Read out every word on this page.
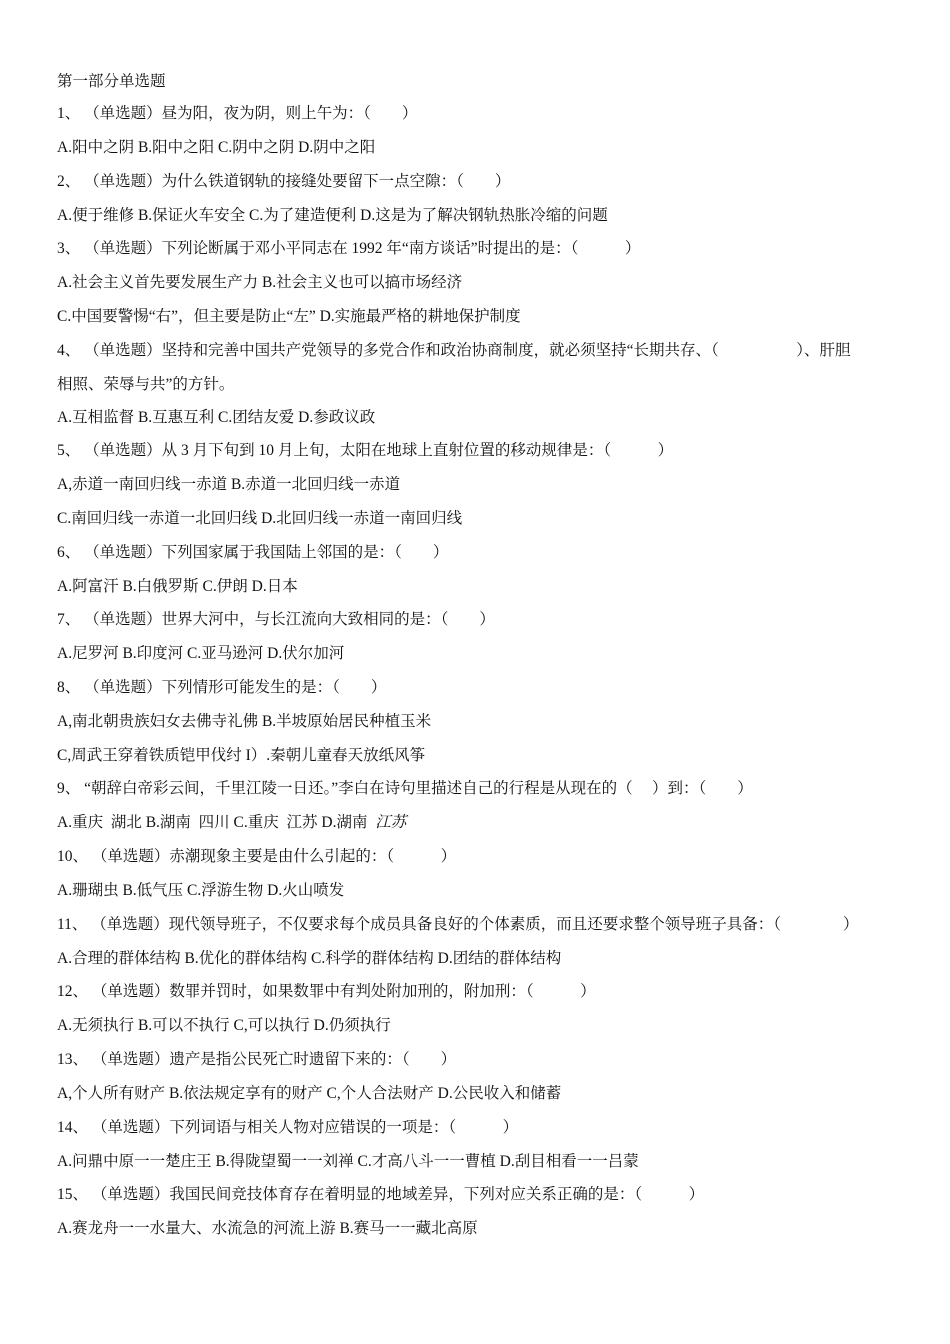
第一部分单选题
1、 （单选题）昼为阳，夜为阴，则上午为：（　　）
A.阳中之阴 B.阳中之阳 C.阴中之阴 D.阴中之阳
2、 （单选题）为什么铁道钢轨的接缝处要留下一点空隙：（　　）
A.便于维修 B.保证火车安全 C.为了建造便利 D.这是为了解决钢轨热胀冷缩的问题
3、 （单选题）下列论断属于邓小平同志在 1992 年“南方谈话”时提出的是：（　　　）
A.社会主义首先要发展生产力 B.社会主义也可以搞市场经济
C.中国要警惕“右”，但主要是防止“左” D.实施最严格的耕地保护制度
4、 （单选题）坚持和完善中国共产党领导的多党合作和政治协商制度，就必须坚持“长期共存、（　　　　　）、肝胆
相照、荣辱与共”的方针。
A.互相监督 B.互惠互利 C.团结友爱 D.参政议政
5、 （单选题）从 3 月下旬到 10 月上旬，太阳在地球上直射位置的移动规律是：（　　　）
A,赤道一南回归线一赤道 B.赤道一北回归线一赤道
C.南回归线一赤道一北回归线 D.北回归线一赤道一南回归线
6、 （单选题）下列国家属于我国陆上邻国的是：（　　）
A.阿富汗 B.白俄罗斯 C.伊朗 D.日本
7、 （单选题）世界大河中，与长江流向大致相同的是：（　　）
A.尼罗河 B.印度河 C.亚马逊河 D.伏尔加河
8、 （单选题）下列情形可能发生的是：（　　）
A,南北朝贵族妇女去佛寺礼佛 B.半坡原始居民种植玉米
C,周武王穿着铁质铠甲伐纣 I）.秦朝儿童春天放纸风筝
9、 “朝辞白帝彩云间，千里江陵一日还。”李白在诗句里描述自己的行程是从现在的（　 ）到：（　　）
A.重庆  湖北 B.湖南  四川 C.重庆  江苏 D.湖南  江苏
10、 （单选题）赤潮现象主要是由什么引起的：（　　　）
A.珊瑚虫 B.低气压 C.浮游生物 D.火山喷发
11、 （单选题）现代领导班子，不仅要求每个成员具备良好的个体素质，而且还要求整个领导班子具备：（　　　　）
A.合理的群体结构 B.优化的群体结构 C.科学的群体结构 D.团结的群体结构
12、 （单选题）数罪并罚时，如果数罪中有判处附加刑的，附加刑：（　　　）
A.无须执行 B.可以不执行 C,可以执行 D.仍须执行
13、 （单选题）遗产是指公民死亡时遗留下来的：（　　）
A,个人所有财产 B.依法规定享有的财产 C,个人合法财产 D.公民收入和储蓄
14、 （单选题）下列词语与相关人物对应错误的一项是：（　　　）
A.问鼎中原一一楚庄王 B.得陇望蜀一一刘禅 C.才高八斗一一曹植 D.刮目相看一一吕蒙
15、 （单选题）我国民间竞技体育存在着明显的地域差异，下列对应关系正确的是：（　　　）
A.赛龙舟一一水量大、水流急的河流上游 B.赛马一一藏北高原
